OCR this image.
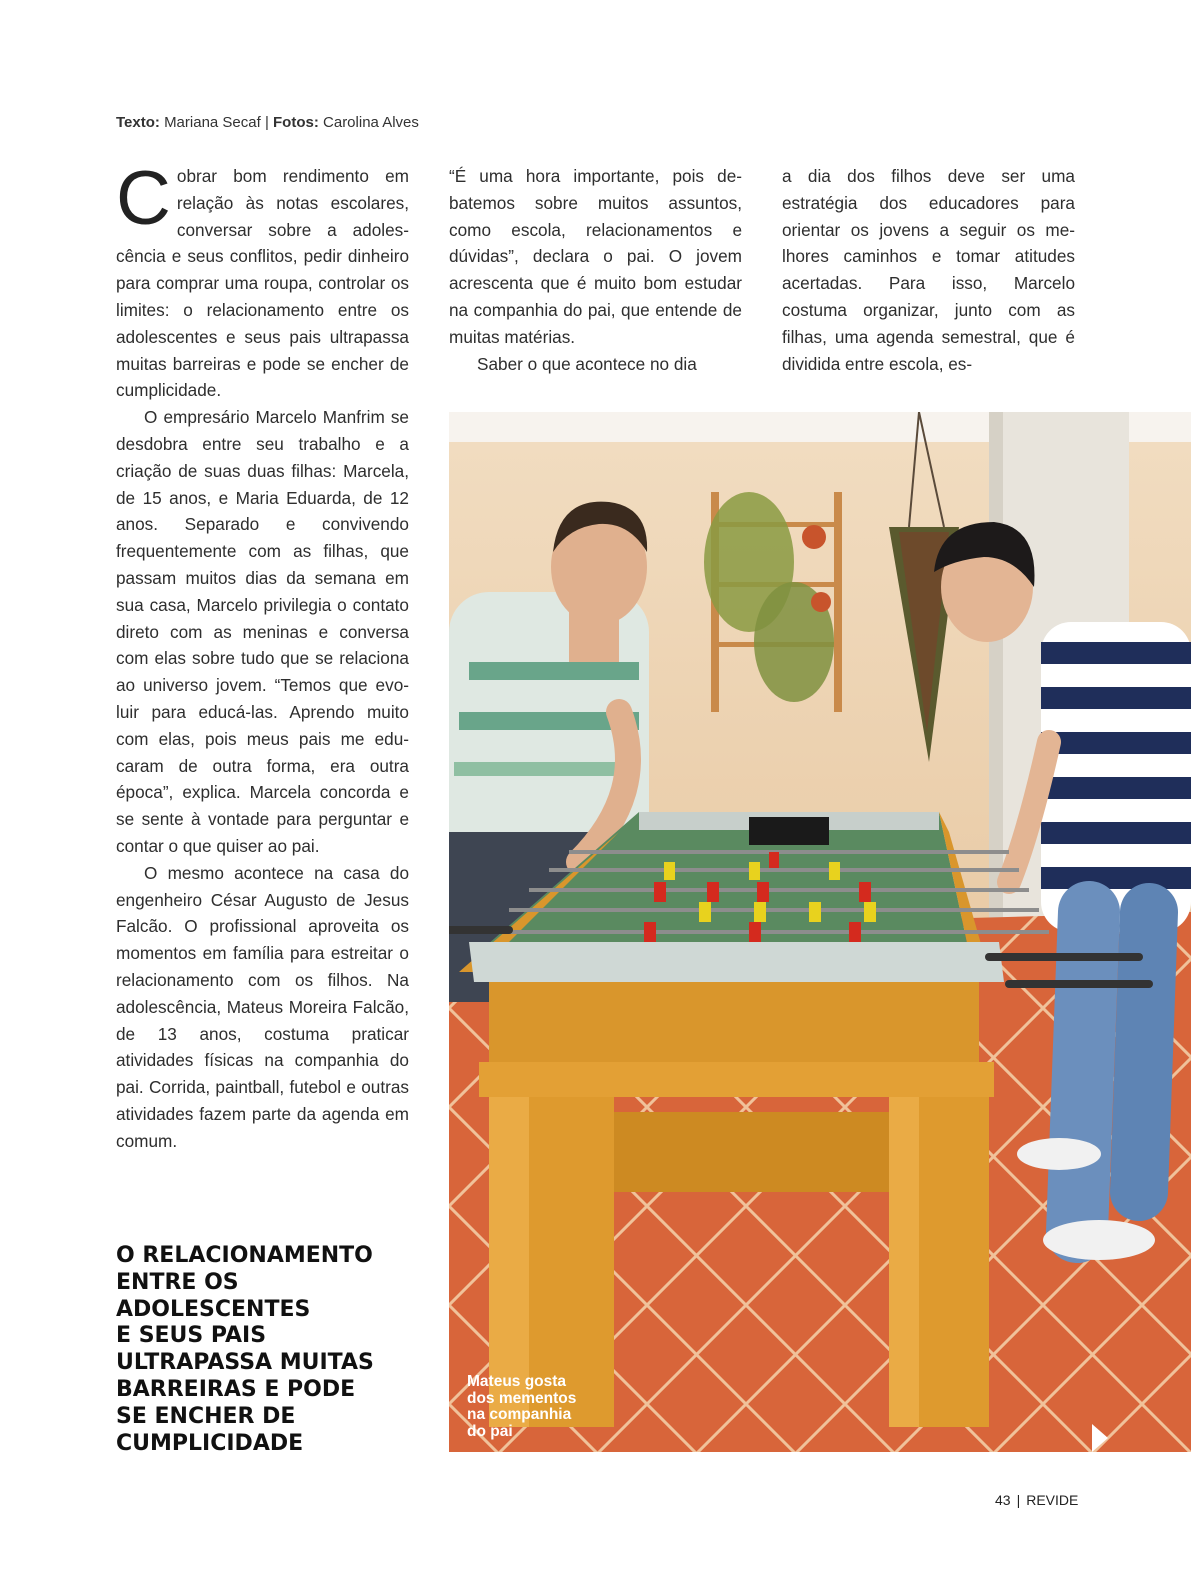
Texto: Mariana Secaf | Fotos: Carolina Alves

Cobrar bom rendimento em relação às notas escolares, conversar sobre a adolescência e seus conflitos, pedir dinheiro para comprar uma roupa, controlar os limites: o relacionamento entre os adolescentes e seus pais ultrapassa muitas barreiras e pode se encher de cumplicidade.

O empresário Marcelo Manfrim se desdobra entre seu trabalho e a criação de suas duas filhas: Marcela, de 15 anos, e Maria Eduarda, de 12 anos. Separado e convivendo frequentemente com as filhas, que passam muitos dias da semana em sua casa, Marcelo privilegia o contato direto com as meninas e conversa com elas sobre tudo que se relaciona ao universo jovem. “Temos que evoluir para educá-las. Aprendo muito com elas, pois meus pais me educaram de outra forma, era outra época”, explica. Marcela concorda e se sente à vontade para perguntar e contar o que quiser ao pai.

O mesmo acontece na casa do engenheiro César Augusto de Jesus Falcão. O profissional aproveita os momentos em família para estreitar o relacionamento com os filhos. Na adolescência, Mateus Moreira Falcão, de 13 anos, costuma praticar atividades físicas na companhia do pai. Corrida, paintball, futebol e outras atividades fazem parte da agenda em comum.

“É uma hora importante, pois debatemos sobre muitos assuntos, como escola, relacionamentos e dúvidas”, declara o pai. O jovem acrescenta que é muito bom estudar na companhia do pai, que entende de muitas matérias.

Saber o que acontece no dia

a dia dos filhos deve ser uma estratégia dos educadores para orientar os jovens a seguir os melhores caminhos e tomar atitudes acertadas. Para isso, Marcelo costuma organizar, junto com as filhas, uma agenda semestral, que é dividida entre escola, es-

O RELACIONAMENTO
ENTRE OS
ADOLESCENTES
E SEUS PAIS
ULTRAPASSA MUITAS
BARREIRAS E PODE
SE ENCHER DE
CUMPLICIDADE

Mateus gosta
dos mementos
na companhia
do pai

43 | REVIDE
